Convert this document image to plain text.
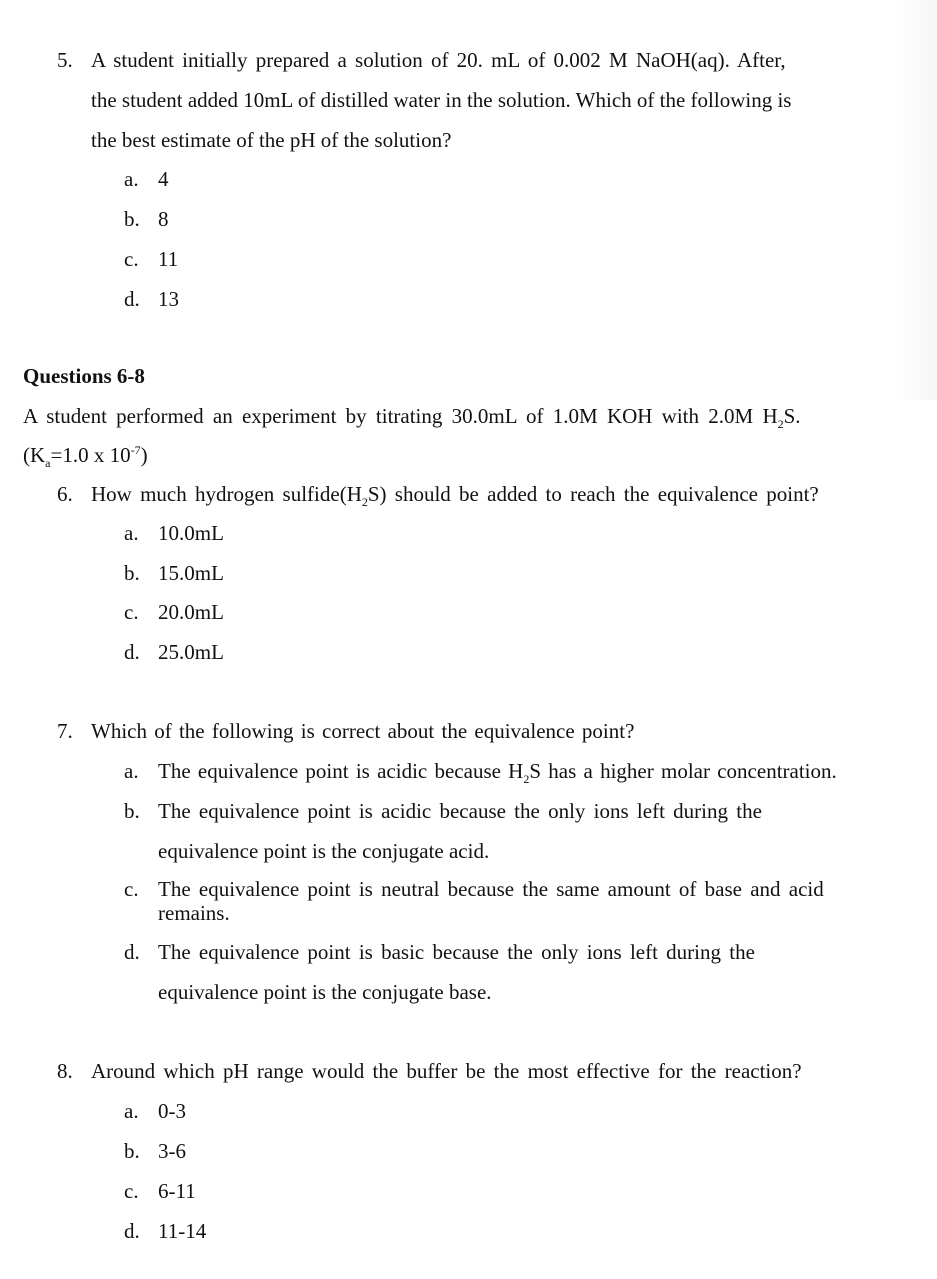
5. A student initially prepared a solution of 20. mL of 0.002 M NaOH(aq). After,
the student added 10mL of distilled water in the solution. Which of the following is
the best estimate of the pH of the solution?
a. 4
b. 8
c. 11
d. 13
Questions 6-8
A student performed an experiment by titrating 30.0mL of 1.0M KOH with 2.0M $H_2S$.
($K_a=1.0$ x $10^{-7}$)
6. How much hydrogen $sulfide(H_2S)$ should be added to reach the equivalence point?
a. 10.0mL
b. 15.0mL
c. 20.0mL
d. 25.0mL
7. Which of the following is correct about the equivalence point?
a. The equivalence point is acidic because $H_2S$ has a higher molar concentration.
b. The equivalence point is acidic because the only ions left during the
equivalence point is the conjugate acid.
c. The equivalence point is neutral because the same amount of base and acid
remains.
d. The equivalence point is basic because the only ions left during the
equivalence point is the conjugate base.
8. Around which pH range would the buffer be the most effective for the reaction?
a. 0-3
b. 3-6
c. 6-11
d. 11-14
